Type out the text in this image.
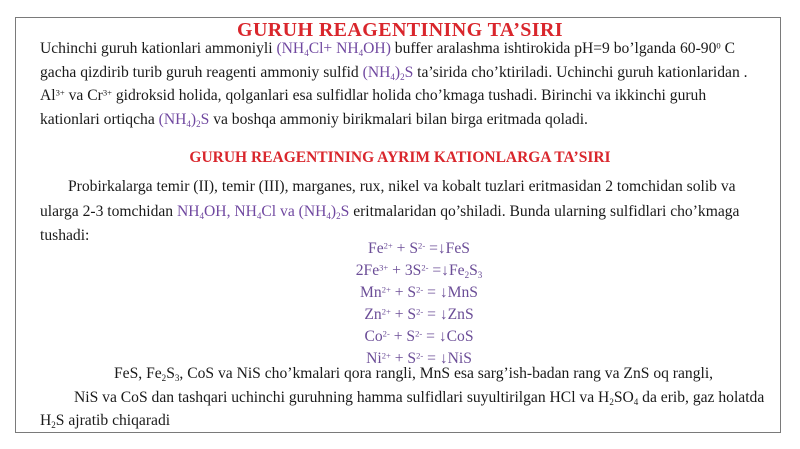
GURUH REAGENTINING TA’SIRI

Uchinchi guruh kationlari ammoniyli $(NH_4Cl+ NH_4OH)$ buffer aralashma ishtirokida pH=9 bo’lganda $60-90^0$ C gacha qizdirib turib guruh reagenti ammoniy sulfid $(NH_4)_2S$ ta’sirida cho’ktiriladi. Uchinchi guruh kationlaridan . $Al^{3+}$ va $Cr^{3+}$ gidroksid holida, qolganlari esa sulfidlar holida cho’kmaga tushadi. Birinchi va ikkinchi guruh kationlari ortiqcha $(NH_4)_2S$ va boshqa ammoniy birikmalari bilan birga eritmada qoladi.

GURUH REAGENTINING AYRIM KATIONLARGA TA’SIRI

Probirkalarga temir (II), temir (III), marganes, rux, nikel va kobalt tuzlari eritmasidan 2 tomchidan solib va ularga 2-3 tomchidan $NH_4OH$, $NH_4Cl$ va $(NH_4)_2S$ eritmalaridan qo’shiladi. Bunda ularning sulfidlari cho’kmaga tushadi:

$Fe^{2+} + S^{2-}$ =↓FeS
$2Fe^{3+} + 3S^{2-}$ $=↓Fe_2S_3$
$Mn^{2+} + S^{2-}$ = ↓MnS
$Zn^{2+} + S^{2-}$ = ↓ZnS
$Co^{2-} + S^{2-}$ = ↓CoS
$Ni^{2+} + S^{2-}$ = ↓NiS

FeS, $Fe_2S_3$, CoS va NiS cho’kmalari qora rangli, MnS esa sarg’ish-badan rang va ZnS oq rangli,

NiS va CoS dan tashqari uchinchi guruhning hamma sulfidlari suyultirilgan HCl va $H_2SO_4$ da erib, gaz holatda $H_2S$ ajratib chiqaradi
